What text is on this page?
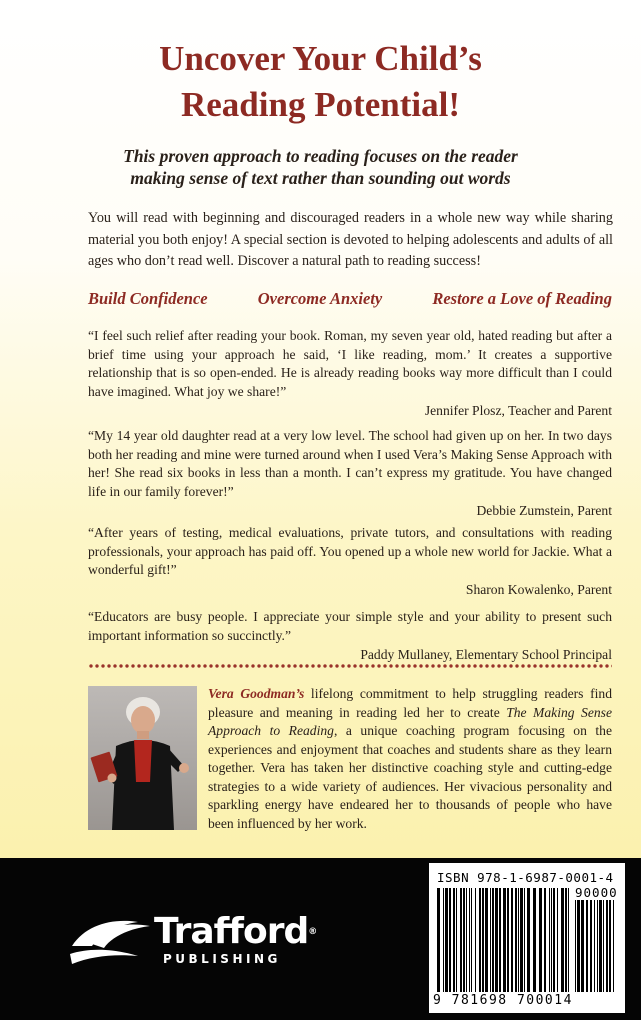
Uncover Your Child’s
Reading Potential!
This proven approach to reading focuses on the reader
making sense of text rather than sounding out words
You will read with beginning and discouraged readers in a whole new way while sharing material you both enjoy! A special section is devoted to helping adolescents and adults of all ages who don’t read well. Discover a natural path to reading success!
Build Confidence	Overcome Anxiety	Restore a Love of Reading

“I feel such relief after reading your book. Roman, my seven year old, hated reading but after a brief time using your approach he said, ‘I like reading, mom.’ It creates a supportive relationship that is so open-ended. He is already reading books way more difficult than I could have imagined. What joy we share!”

Jennifer Plosz, Teacher and Parent

“My 14 year old daughter read at a very low level. The school had given up on her. In two days both her reading and mine were turned around when I used Vera’s Making Sense Approach with her! She read six books in less than a month. I can’t express my gratitude. You have changed life in our family forever!”

Debbie Zumstein, Parent

“After years of testing, medical evaluations, private tutors, and consultations with reading professionals, your approach has paid off. You opened up a whole new world for Jackie. What a wonderful gift!”

Sharon Kowalenko, Parent

“Educators are busy people. I appreciate your simple style and your ability to present such important information so succinctly.”

Paddy Mullaney, Elementary School Principal
Vera Goodman’s lifelong commitment to help struggling readers find pleasure and meaning in reading led her to create The Making Sense Approach to Reading, a unique coaching program focusing on the experiences and enjoyment that coaches and students share as they learn together. Vera has taken her distinctive coaching style and cutting-edge strategies to a wide variety of audiences. Her vivacious personality and sparkling energy have endeared her to thousands of people who have been influenced by her work.
Trafford®
PUBLISHING
ISBN 978-1-6987-0001-4
90000
9 781698 700014
